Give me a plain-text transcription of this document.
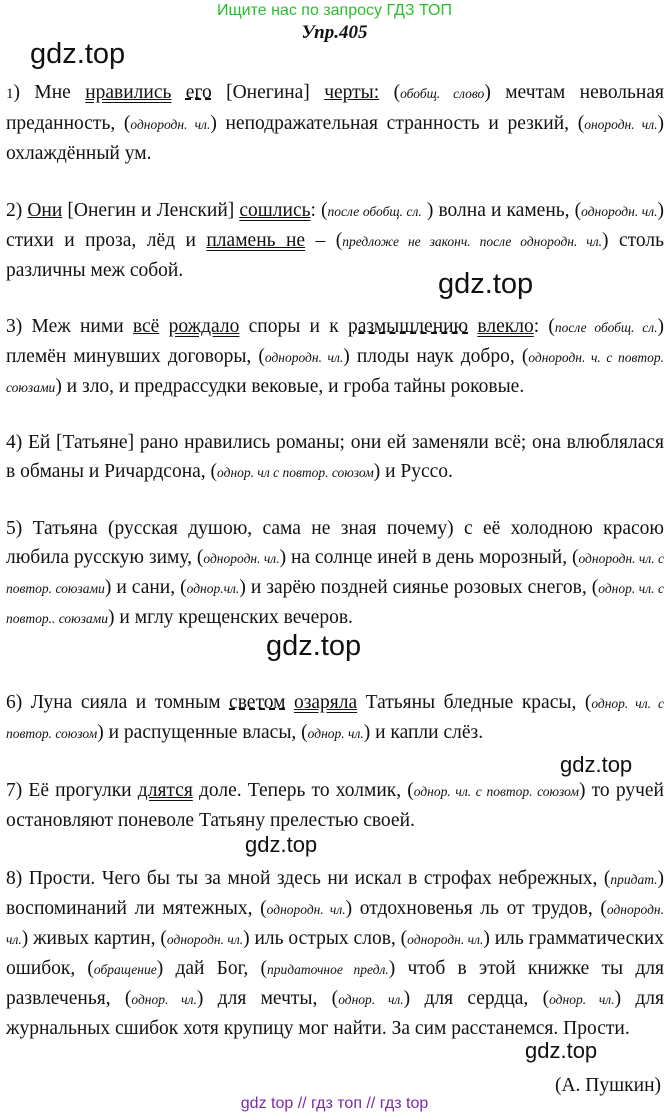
Ищите нас по запросу ГДЗ ТОП
Упр.405
gdz.top
gdz.top
gdz.top
gdz.top
gdz.top
gdz.top
1) Мне нравились его [Онегина] черты: (обобщ. слово) мечтам невольная преданность, (однородн. чл.) неподражательная странность и резкий, (онородн. чл.) охлаждённый ум.
2) Они [Онегин и Ленский] сошлись: (после обобщ. сл. ) волна и камень, (однородн. чл.) стихи и проза, лёд и пламень не – (предложе не законч. после однородн. чл.) столь различны меж собой.
3) Меж ними всё рождало споры и к размышлению влекло: (после обобщ. сл.) племён минувших договоры, (однородн. чл.) плоды наук добро, (однородн. ч. с повтор. союзами) и зло, и предрассудки вековые, и гроба тайны роковые.
4) Ей [Татьяне] рано нравились романы; они ей заменяли всё; она влюблялася в обманы и Ричардсона, (однор. чл с повтор. союзом) и Руссо.
5) Татьяна (русская душою, сама не зная почему) с её холодною красою любила русскую зиму, (однородн. чл.) на солнце иней в день морозный, (однородн. чл. с повтор. союзами) и сани, (однор.чл.) и зарёю поздней сиянье розовых снегов, (однор. чл. с повтор.. союзами) и мглу крещенских вечеров.
6) Луна сияла и томным светом озаряла Татьяны бледные красы, (однор. чл. с повтор. союзом) и распущенные власы, (однор. чл.) и капли слёз.
7) Её прогулки длятся доле. Теперь то холмик, (однор. чл. с повтор. союзом) то ручей остановляют поневоле Татьяну прелестью своей.
8) Прости. Чего бы ты за мной здесь ни искал в строфах небрежных, (придат.) воспоминаний ли мятежных, (однородн. чл.) отдохновенья ль от трудов, (однородн. чл.) живых картин, (однородн. чл.) иль острых слов, (однородн. чл.) иль грамматических ошибок, (обращение) дай Бог, (придаточное предл.) чтоб в этой книжке ты для развлеченья, (однор. чл.) для мечты, (однор. чл.) для сердца, (однор. чл.) для журнальных сшибок хотя крупицу мог найти. За сим расстанемся. Прости.
(А. Пушкин)
gdz top // гдз топ // гдз top
